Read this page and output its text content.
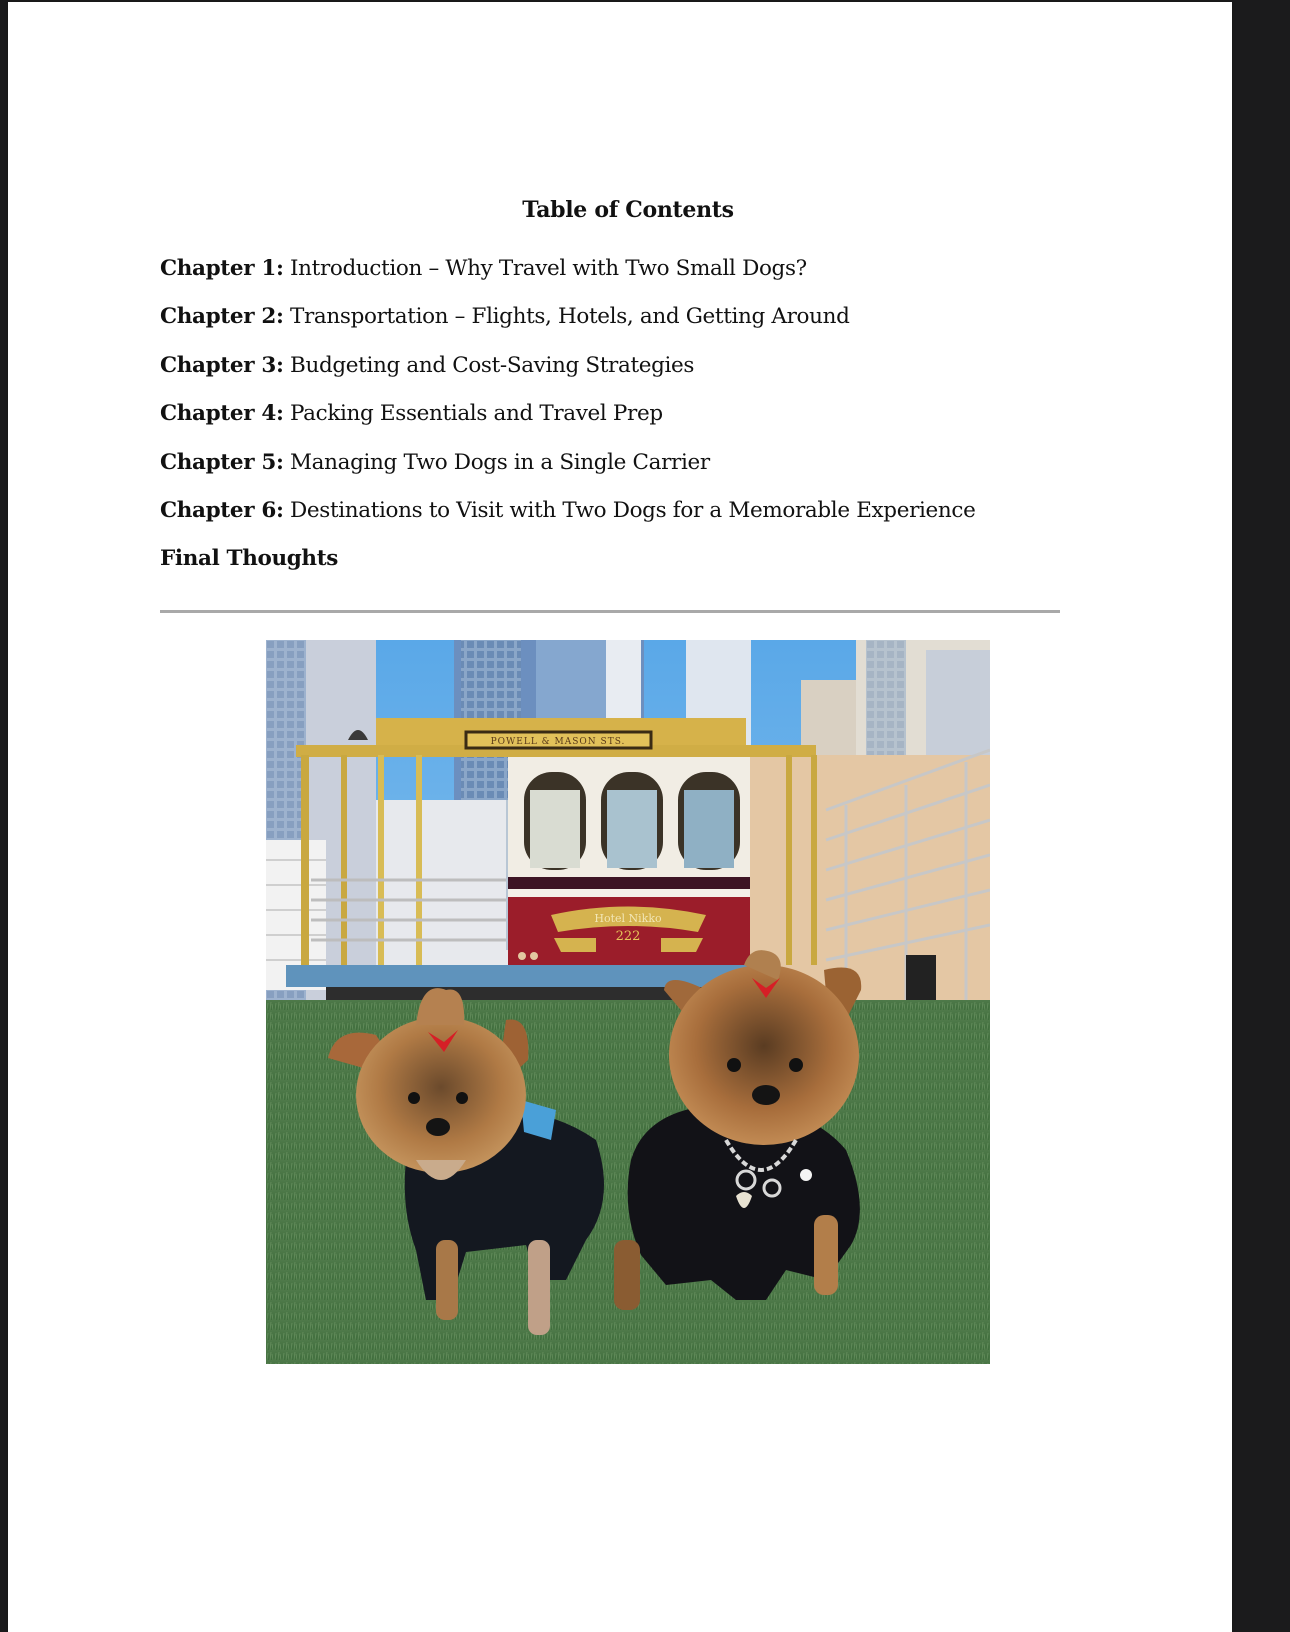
Table of Contents
Chapter 1: Introduction – Why Travel with Two Small Dogs?
Chapter 2: Transportation – Flights, Hotels, and Getting Around
Chapter 3: Budgeting and Cost-Saving Strategies
Chapter 4: Packing Essentials and Travel Prep
Chapter 5: Managing Two Dogs in a Single Carrier
Chapter 6: Destinations to Visit with Two Dogs for a Memorable Experience
Final Thoughts
POWELL & MASON STS.
Hotel Nikko
222
